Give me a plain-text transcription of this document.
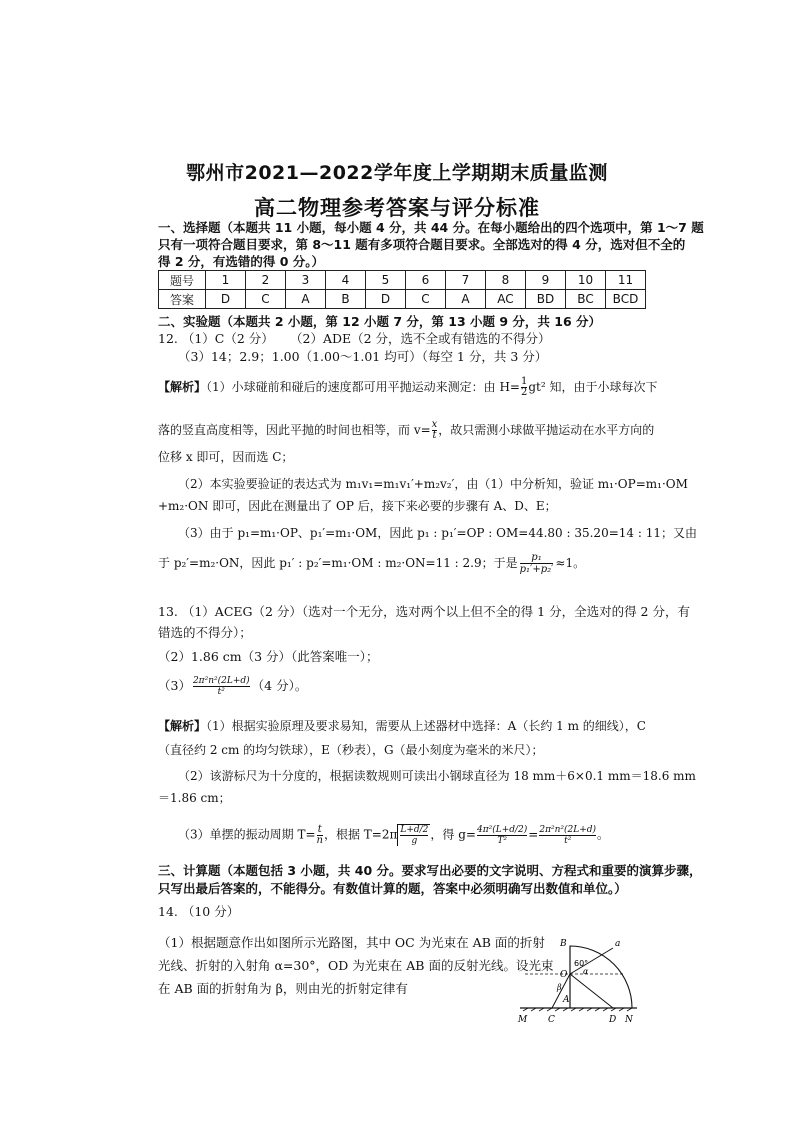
鄂州市2021—2022学年度上学期期末质量监测
高二物理参考答案与评分标准
一、选择题（本题共 11 小题，每小题 4 分，共 44 分。在每小题给出的四个选项中，第 1～7 题
只有一项符合题目要求，第 8～11 题有多项符合题目要求。全部选对的得 4 分，选对但不全的
得 2 分，有选错的得 0 分。）
题号	1	2	3	4	5	6	7	8	9	10	11
答案	D	C	A	B	D	C	A	AC	BD	BC	BCD
二、实验题（本题共 2 小题，第 12 小题 7 分，第 13 小题 9 分，共 16 分）
12. （1）C（2 分） （2）ADE（2 分，选不全或有错选的不得分）
（3）14；2.9；1.00（1.00～1.01 均可）（每空 1 分，共 3 分）
【解析】（1）小球碰前和碰后的速度都可用平抛运动来测定：由 $H= \frac{1}{2} gt^2$ 知，由于小球每次下
落的竖直高度相等，因此平抛的时间也相等，而 $v= \frac{x}{t}$ ，故只需测小球做平抛运动在水平方向的
位移 x 即可，因而选 C；
（2）本实验要验证的表达式为 m₁v₁=m₁v₁′+m₂v₂′，由（1）中分析知，验证 m₁·OP=m₁·OM
+m₂·ON 即可，因此在测量出了 OP 后，接下来必要的步骤有 A、D、E；
（3）由于 p₁=m₁·OP、p₁′=m₁·OM，因此 p₁ : p₁′=OP : OM=44.80 : 35.20=14 : 11；又由
于 p₂′=m₂·ON，因此 p₁′ : p₂′=m₁·OM : m₂·ON=11 : 2.9；于是 $\frac{\text{p₁}}{\text{p₁′+p₂′}} \approx 1$。
13. （1）ACEG（2 分）（选对一个无分，选对两个以上但不全的得 1 分，全选对的得 2 分，有
错选的不得分）；
（2）1.86 cm（3 分）（此答案唯一）；
$(3) \frac{\text{2π²n²(2L+d)}}{\text{t²}} (4$ 分）。
【解析】（1）根据实验原理及要求易知，需要从上述器材中选择：A（长约 1 m 的细线），C
（直径约 2 cm 的均匀铁球），E（秒表），G（最小刻度为毫米的米尺）；
（2）该游标尺为十分度的，根据读数规则可读出小钢球直径为 18 mm＋6×0.1 mm＝18.6 mm
＝1.86 cm；
（3）单摆的振动周期 $T= \frac{t}{n}$ ，根据 $T=2\pi \frac{L+d/2}{g}$ ，得 $g= \frac{\text{4π²(L+d/2)}}{\text{T²}} = \frac{\text{2π²n²(2L+d)}}{\text{t²}}$ 。
三、计算题（本题包括 3 小题，共 40 分。要求写出必要的文字说明、方程式和重要的演算步骤，
只写出最后答案的，不能得分。有数值计算的题，答案中必须明确写出数值和单位。）
14. （10 分）
（1）根据题意作出如图所示光路图，其中 OC 为光束在 AB 面的折射
光线、折射的入射角 α=30°，OD 为光束在 AB 面的反射光线。设光束
在 AB 面的折射角为 β，则由光的折射定律有
B	a
O
A
M C	D N
60°
α
β
